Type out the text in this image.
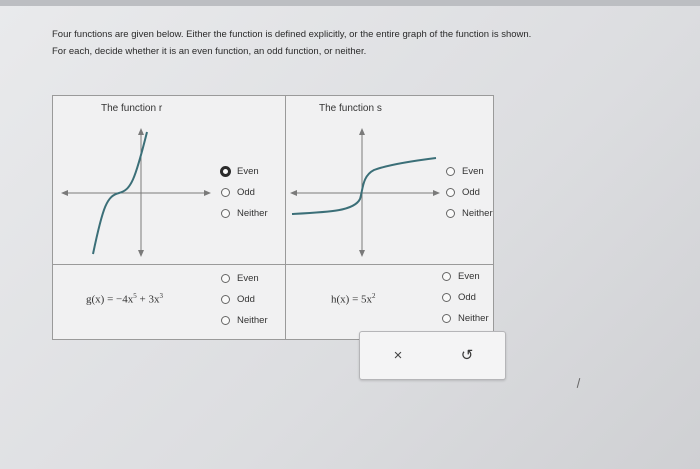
Four functions are given below. Either the function is defined explicitly, or the entire graph of the function is shown.
For each, decide whether it is an even function, an odd function, or neither.
The function r
Even
Odd
Neither
The function s
Even
Odd
Neither
$g(x) = -4x^5 + 3x^3$
Even
Odd
Neither
$h(x) = 5x^2$
Even
Odd
Neither
×	↺
